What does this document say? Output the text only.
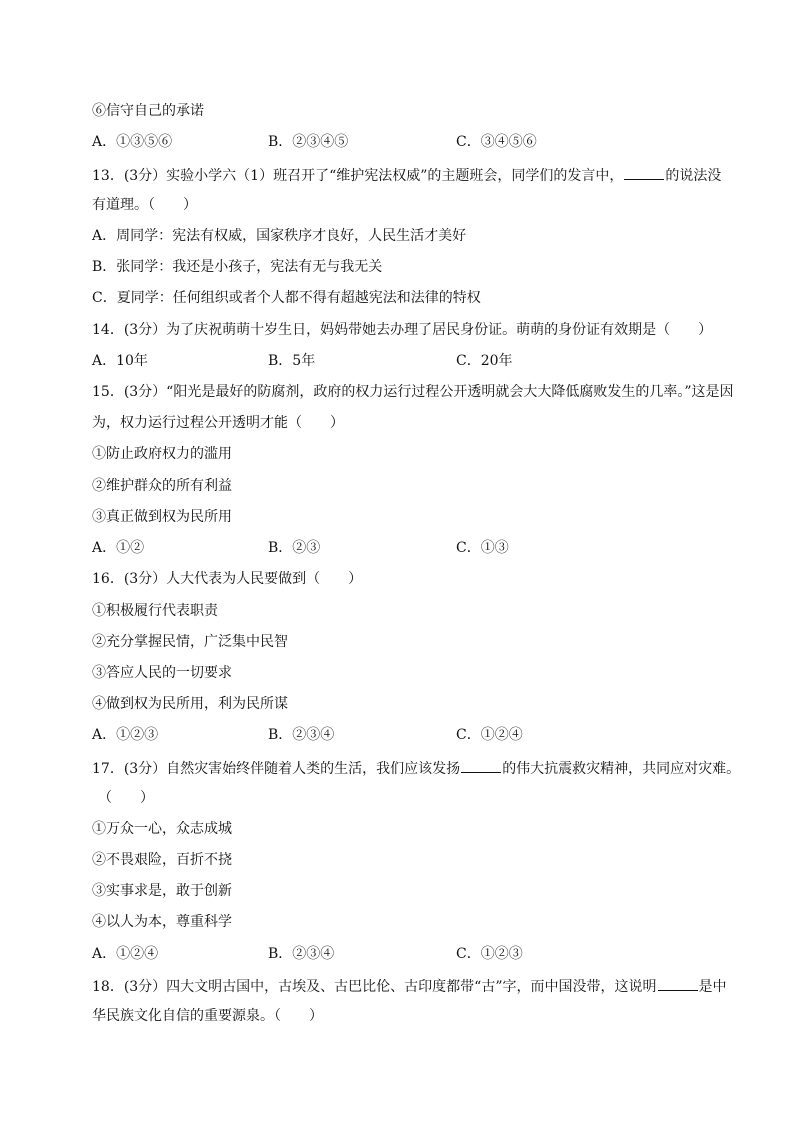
⑥信守自己的承诺
A．①③⑤⑥	B．②③④⑤	C．③④⑤⑥
13．(3分）实验小学六（1）班召开了“维护宪法权威”的主题班会，同学们的发言中，	的说法没
有道理。（　　）
A．周同学：宪法有权威，国家秩序才良好，人民生活才美好
B．张同学：我还是小孩子，宪法有无与我无关
C．夏同学：任何组织或者个人都不得有超越宪法和法律的特权
14．(3分）为了庆祝萌萌十岁生日，妈妈带她去办理了居民身份证。萌萌的身份证有效期是（　　）
A．10年	B．5年	C．20年
15．(3分）“阳光是最好的防腐剂，政府的权力运行过程公开透明就会大大降低腐败发生的几率。”这是因
为，权力运行过程公开透明才能（　　）
①防止政府权力的滥用
②维护群众的所有利益
③真正做到权为民所用
A．①②	B．②③	C．①③
16．(3分）人大代表为人民要做到（　　）
①积极履行代表职责
②充分掌握民情，广泛集中民智
③答应人民的一切要求
④做到权为民所用，利为民所谋
A．①②③	B．②③④	C．①②④
17．(3分）自然灾害始终伴随着人类的生活，我们应该发扬	的伟大抗震救灾精神，共同应对灾难。
（　　）
①万众一心，众志成城
②不畏艰险，百折不挠
③实事求是，敢于创新
④以人为本，尊重科学
A．①②④	B．②③④	C．①②③
18．(3分）四大文明古国中，古埃及、古巴比伦、古印度都带“古”字，而中国没带，这说明	是中
华民族文化自信的重要源泉。（　　）
